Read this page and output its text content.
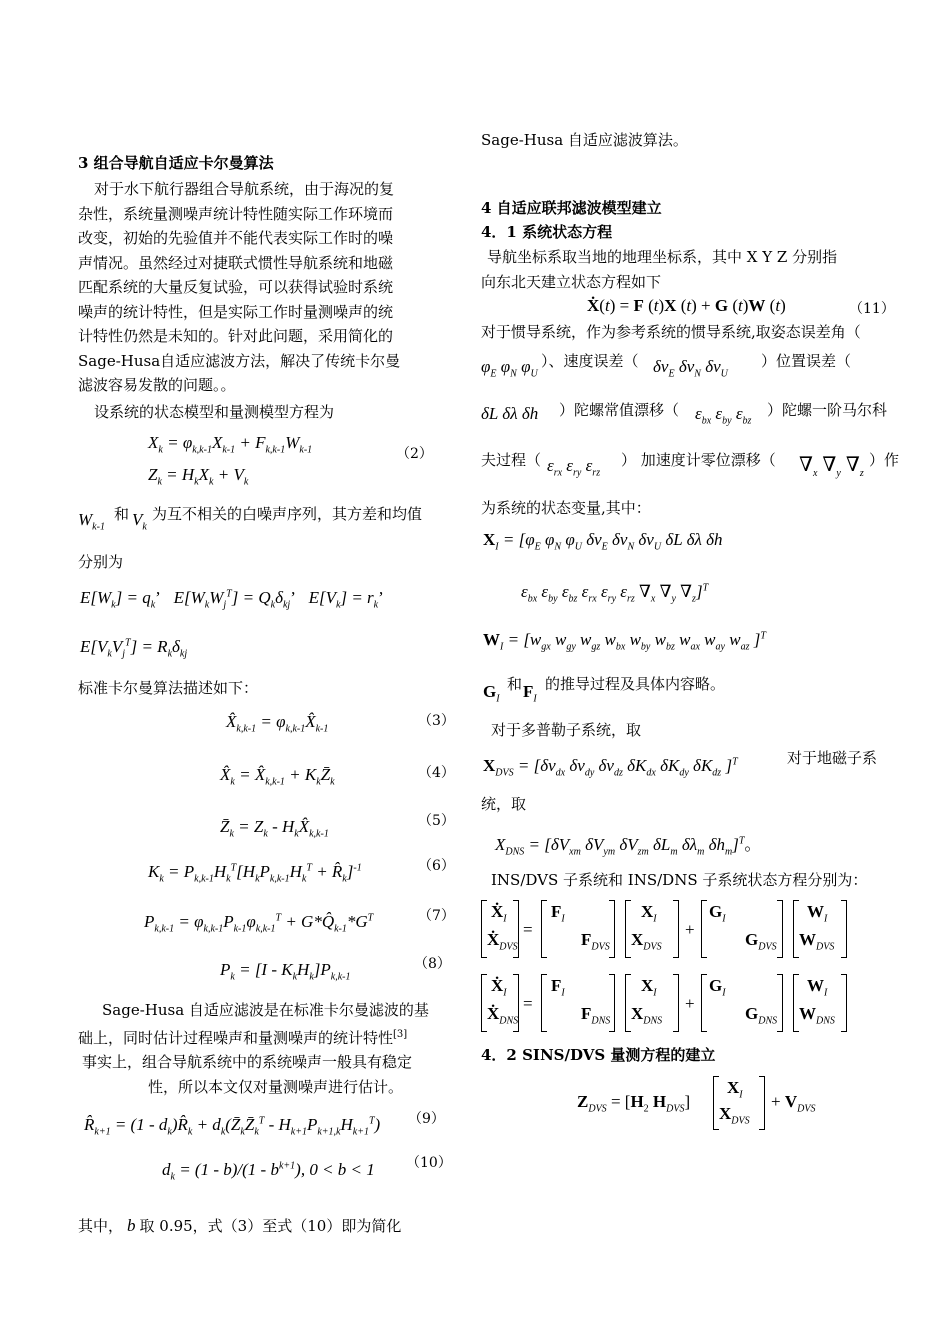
3 组合导航自适应卡尔曼算法
对于水下航行器组合导航系统，由于海况的复
杂性，系统量测噪声统计特性随实际工作环境而
改变，初始的先验值并不能代表实际工作时的噪
声情况。虽然经过对捷联式惯性导航系统和地磁
匹配系统的大量反复试验，可以获得试验时系统
噪声的统计特性，但是实际工作时量测噪声的统
计特性仍然是未知的。针对此问题，采用简化的
Sage-Husa自适应滤波方法，解决了传统卡尔曼
滤波容易发散的问题。。
设系统的状态模型和量测模型方程为
$X_k = \varphi_{k,k-1}X_{k-1} + F_{k,k-1}W_{k-1}$
$Z_k = H_kX_k + V_k$
（2）
$W_{k-1}$
和 $V_k$
为互不相关的白噪声序列，其方差和均值
分别为
$E[W_k] = q_k$’   $E[W_kW_j^T] = Q_k\delta_{kj}$’   $E[V_k] = r_k$’
$E[V_kV_j^T] = R_k\delta_{kj}$
标准卡尔曼算法描述如下：
$X̂_{k,k-1}$ = $\varphi_{k,k-1}X̂_{k-1}$	（3）
$X̂_k$ = $X̂_{k,k-1}$ + $K_kZ̄_k$
（4）
$Z̄_k = Z_k$ - $H_kX̂_{k,k-1}$
（5）
$K_k = P_{k,k-1}H_k^T[H_kP_{k,k-1}H_k^T$ + $R̂_k]^{-1}$	（6）
$P_{k,k-1} = \varphi_{k,k-1}P_{k-1}\varphi_{k,k-1}^T$ + $G*Q̂_{k-1}*G^T$	（7）
$P_k = [I - K_kH_k]P_{k,k-1}$
（8）
Sage-Husa 自适应滤波是在标准卡尔曼滤波的基
础上，同时估计过程噪声和量测噪声的统计特性[3]
事实上，组合导航系统中的系统噪声一般具有稳定
性，所以本文仅对量测噪声进行估计。
$R̂_{k+1} = (1$ - $d_k)R̂_k$ + $d_k(Z̄_kZ̄_k^T - H_{k+1}P_{k+1,k}H_{k+1}^T)$ （9）
$d_k = (1 - b)/(1 - b^{k+1})$, 0 < b < 1 （10）
其中， b 取 0.95，式（3）至式（10）即为简化
Sage-Husa 自适应滤波算法。
4 自适应联邦滤波模型建立
4．1 系统状态方程
导航坐标系取当地的地理坐标系，其中 X Y Z 分别指
向东北天建立状态方程如下
Ẋ(t) = F (t)X (t) + G (t)W (t)	（11）
对于惯导系统，作为参考系统的惯导系统,取姿态误差角（
$\varphi_E$ $\varphi_N$ $\varphi_U$
）、速度误差（ $\delta v_E$ $\delta v_N$ $\delta v_U$
）位置误差（
δL δλ δh ）陀螺常值漂移（ $\varepsilon_{bx}$ $\varepsilon_{by}$ $\varepsilon_{bz}$
）陀螺一阶马尔科
夫过程（ $\varepsilon_{rx}$ $\varepsilon_{ry}$ $\varepsilon_{rz}$
） 加速度计零位漂移（ $\nabla_x$ $\nabla_y$ $\nabla_z$
）作
为系统的状态变量,其中：
$X_I = [\varphi_E$ $\varphi_N$ $\varphi_U$ $\delta v_E$ $\delta v_N$ $\delta v_U$ δL δλ δh
$\varepsilon_{bx}$ $\varepsilon_{by}$ $\varepsilon_{bz}$ $\varepsilon_{rx}$ $\varepsilon_{ry}$ $\varepsilon_{rz}$ $\nabla_x$ $\nabla_y$ $\nabla_z]^T$
$W_I = [w_{gx}$ $w_{gy}$ $w_{gz}$ $w_{bx}$ $w_{by}$ $w_{bz}$ $w_{ax}$ $w_{ay}$ $w_{az}$ ]$^T$
$G_I$
和 $F_I$
的推导过程及具体内容略。
对于多普勒子系统，取
$X_{DVS} = [\delta v_{dx}$ $\delta v_{dy}$ $\delta v_{dz}$ $\delta K_{dx}$ $\delta K_{dy}$ $\delta K_{dz}$ ]$^T$	对于地磁子系
统，取
$X_{DNS} = [\delta V_{xm}$ $\delta V_{ym}$ $\delta V_{zm}$ $\delta L_m$ $\delta\lambda_m$ $\delta h_m]^T$。
INS/DVS 子系统和 INS/DNS 子系统状态方程分别为：
Ẋ$_I$
Ẋ$_{DVS}$
=
$F_I$
$F_{DVS}$
$X_I$
$X_{DVS}$
+
$G_I$
$G_{DVS}$
$W_I$
$W_{DVS}$
Ẋ$_I$
Ẋ$_{DNS}$
=
$F_I$
$F_{DNS}$
$X_I$
$X_{DNS}$
+
$G_I$
$G_{DNS}$
$W_I$
$W_{DNS}$
4．2 SINS/DVS 量测方程的建立
$Z_{DVS} = [H_2$ $H_{DVS}$]
$X_I$
$X_{DVS}$
+ $V_{DVS}$
